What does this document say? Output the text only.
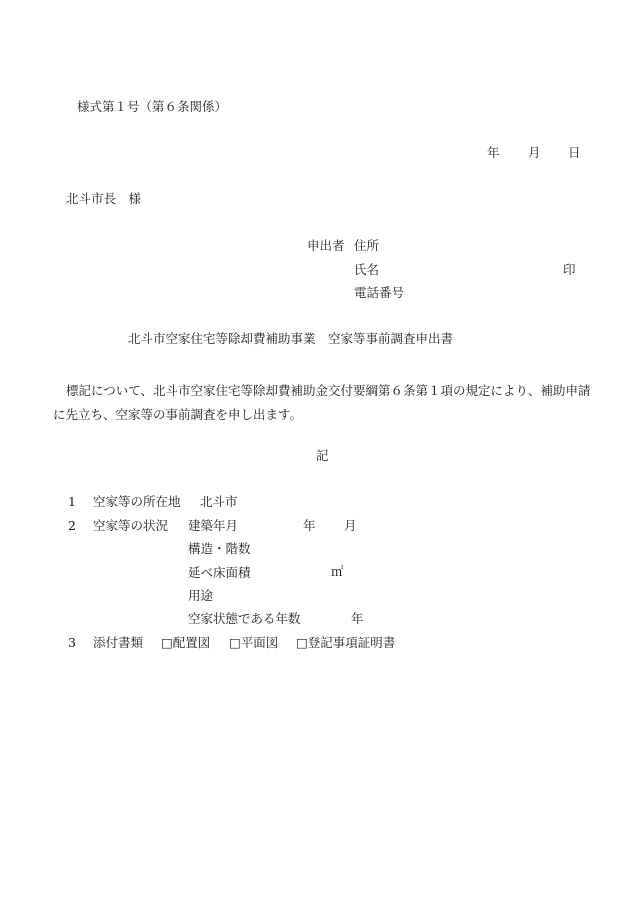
様式第１号（第６条関係）
年 月 日
北斗市長　様
申出者 住所
氏名	印
電話番号
北斗市空家住宅等除却費補助事業　空家等事前調査申出書
標記について、北斗市空家住宅等除却費補助金交付要綱第６条第１項の規定により、補助申請に先立ち、空家等の事前調査を申し出ます。
記
1 空家等の所在地 北斗市
2 空家等の状況 建築年月	年 月
構造・階数
延べ床面積	㎡
用途
空家状態である年数	年
3 添付書類 □配置図 □平面図 □登記事項証明書
